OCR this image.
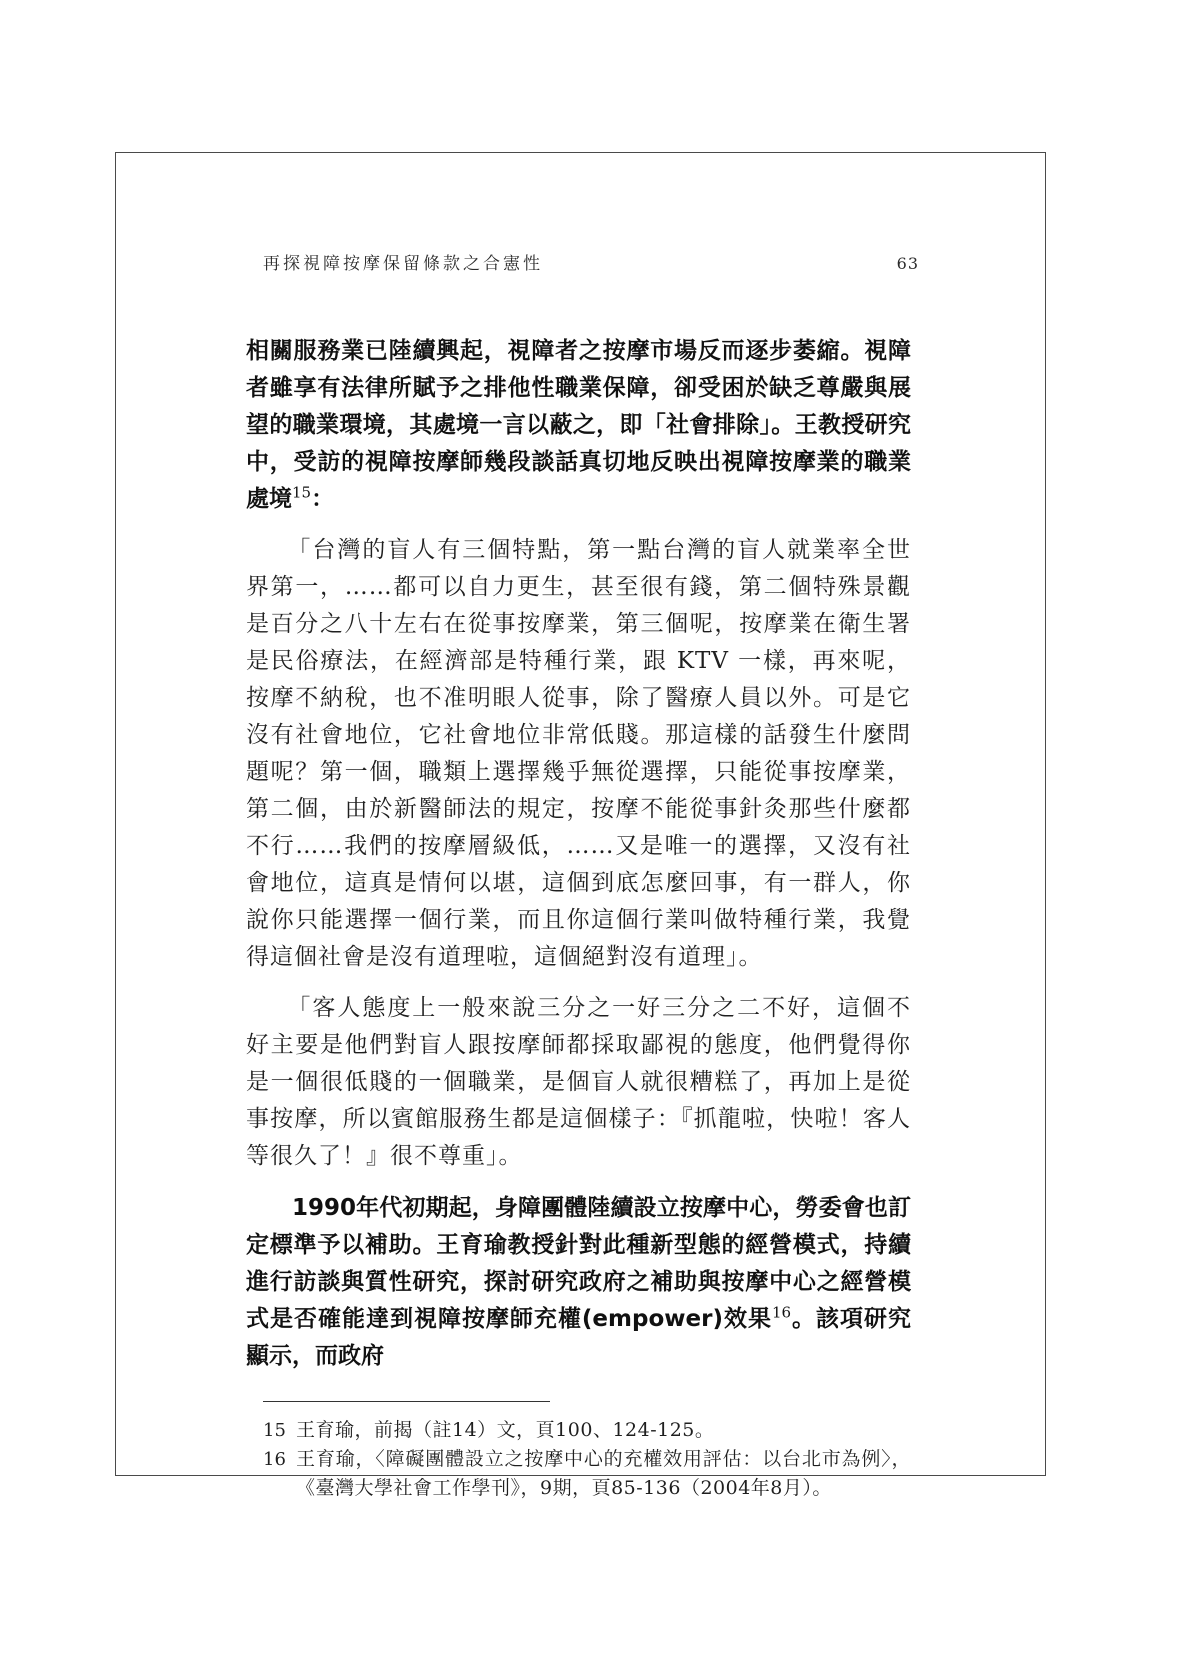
再探視障按摩保留條款之合憲性	63

相關服務業已陸續興起，視障者之按摩市場反而逐步萎縮。視障者雖享有法律所賦予之排他性職業保障，卻受困於缺乏尊嚴與展望的職業環境，其處境一言以蔽之，即「社會排除」。王教授研究中，受訪的視障按摩師幾段談話真切地反映出視障按摩業的職業處境$^{15}$：

「台灣的盲人有三個特點，第一點台灣的盲人就業率全世界第一，……都可以自力更生，甚至很有錢，第二個特殊景觀是百分之八十左右在從事按摩業，第三個呢，按摩業在衛生署是民俗療法，在經濟部是特種行業，跟 KTV 一樣，再來呢，按摩不納稅，也不准明眼人從事，除了醫療人員以外。可是它沒有社會地位，它社會地位非常低賤。那這樣的話發生什麼問題呢？第一個，職類上選擇幾乎無從選擇，只能從事按摩業，第二個，由於新醫師法的規定，按摩不能從事針灸那些什麼都不行……我們的按摩層級低，……又是唯一的選擇，又沒有社會地位，這真是情何以堪，這個到底怎麼回事，有一群人，你說你只能選擇一個行業，而且你這個行業叫做特種行業，我覺得這個社會是沒有道理啦，這個絕對沒有道理」。

「客人態度上一般來說三分之一好三分之二不好，這個不好主要是他們對盲人跟按摩師都採取鄙視的態度，他們覺得你是一個很低賤的一個職業，是個盲人就很糟糕了，再加上是從事按摩，所以賓館服務生都是這個樣子：『抓龍啦，快啦！客人等很久了！』很不尊重」。

1990年代初期起，身障團體陸續設立按摩中心，勞委會也訂定標準予以補助。王育瑜教授針對此種新型態的經營模式，持續進行訪談與質性研究，探討研究政府之補助與按摩中心之經營模式是否確能達到視障按摩師充權(empower)效果$^{16}$。該項研究顯示，而政府

15 王育瑜，前揭（註14）文，頁100、124-125。
16 王育瑜，〈障礙團體設立之按摩中心的充權效用評估：以台北市為例〉，《臺灣大學社會工作學刊》，9期，頁85-136（2004年8月）。
